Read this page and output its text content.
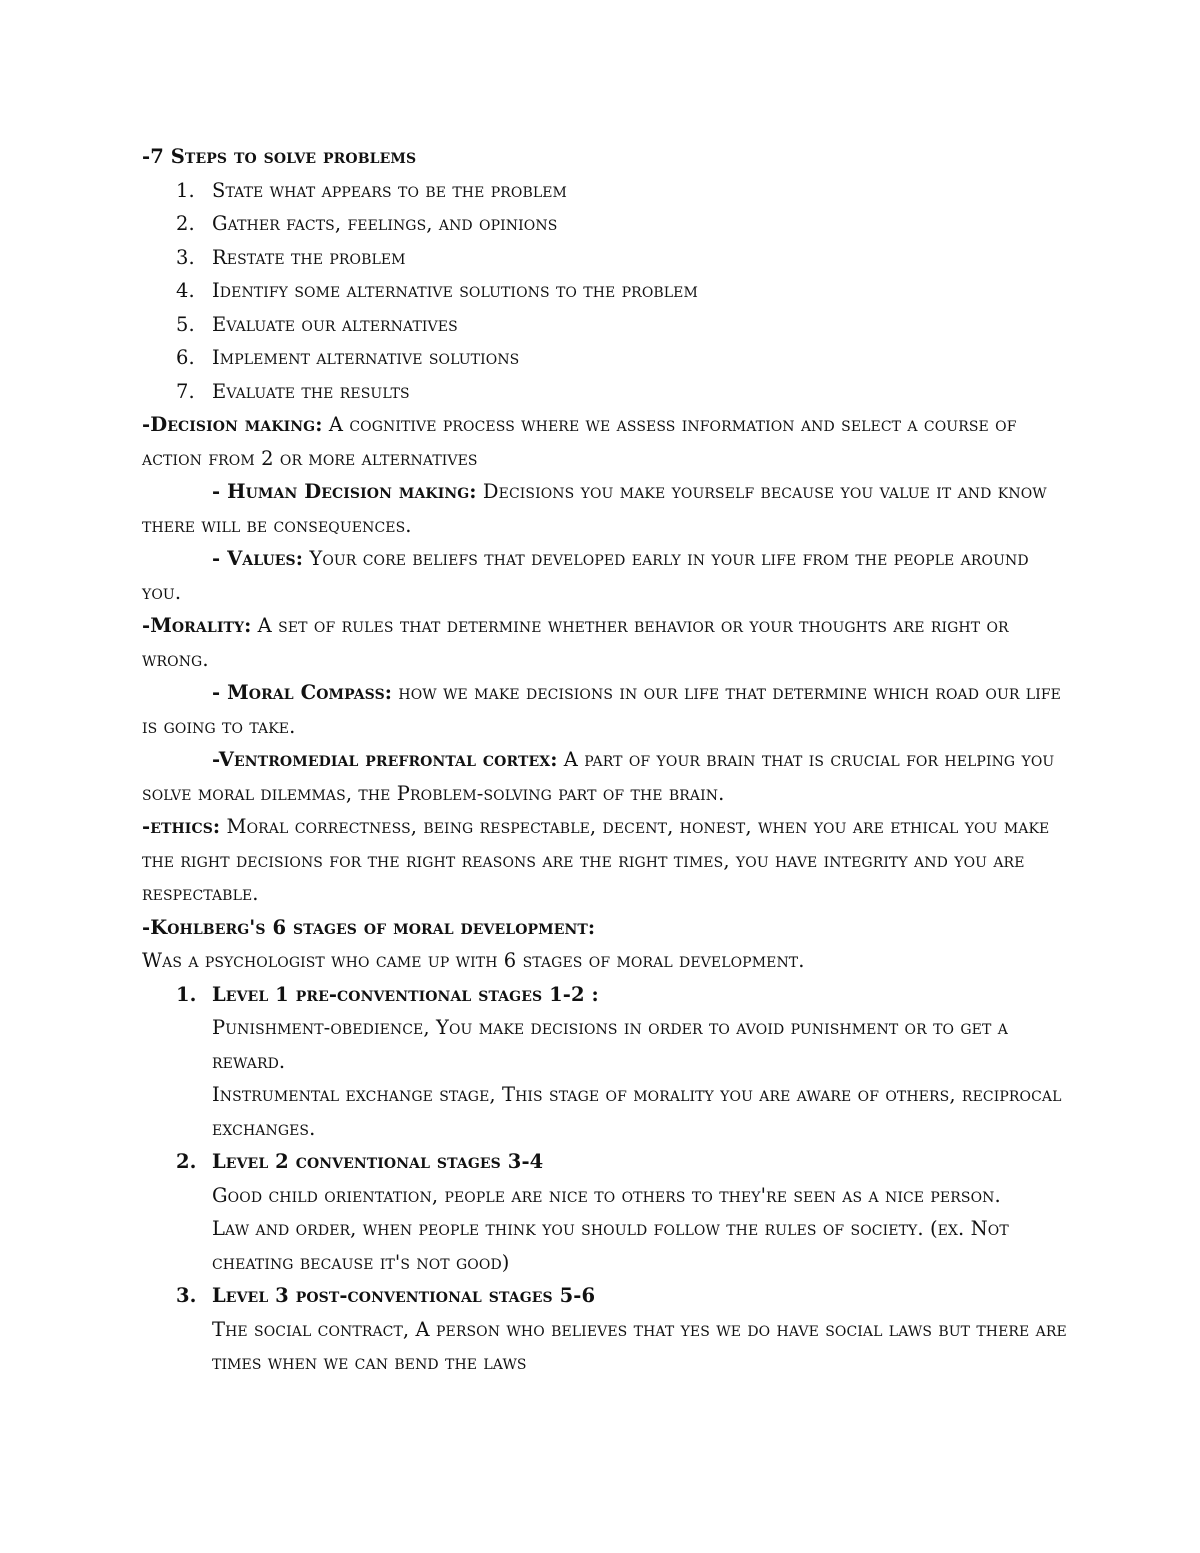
-7 Steps to solve problems

1. State what appears to be the problem
2. Gather facts, feelings, and opinions
3. Restate the problem
4. Identify some alternative solutions to the problem
5. Evaluate our alternatives
6. Implement alternative solutions
7. Evaluate the results

-Decision making: A cognitive process where we assess information and select a course of action from 2 or more alternatives

- Human Decision making: Decisions you make yourself because you value it and know there will be consequences.

- Values: Your core beliefs that developed early in your life from the people around you.

-Morality: A set of rules that determine whether behavior or your thoughts are right or wrong.

- Moral Compass: how we make decisions in our life that determine which road our life is going to take.

-Ventromedial prefrontal cortex: A part of your brain that is crucial for helping you solve moral dilemmas, the Problem-solving part of the brain.

-ethics: Moral correctness, being respectable, decent, honest, when you are ethical you make the right decisions for the right reasons are the right times, you have integrity and you are respectable.

-Kohlberg's 6 stages of moral development:

Was a psychologist who came up with 6 stages of moral development.

1. Level 1 pre-conventional stages 1-2 :

Punishment-obedience, You make decisions in order to avoid punishment or to get a reward.

Instrumental exchange stage, This stage of morality you are aware of others, reciprocal exchanges.

2. Level 2 conventional stages 3-4

Good child orientation, people are nice to others to they're seen as a nice person.

Law and order, when people think you should follow the rules of society. (ex. Not cheating because it's not good)

3. Level 3 post-conventional stages 5-6

The social contract, A person who believes that yes we do have social laws but there are times when we can bend the laws
